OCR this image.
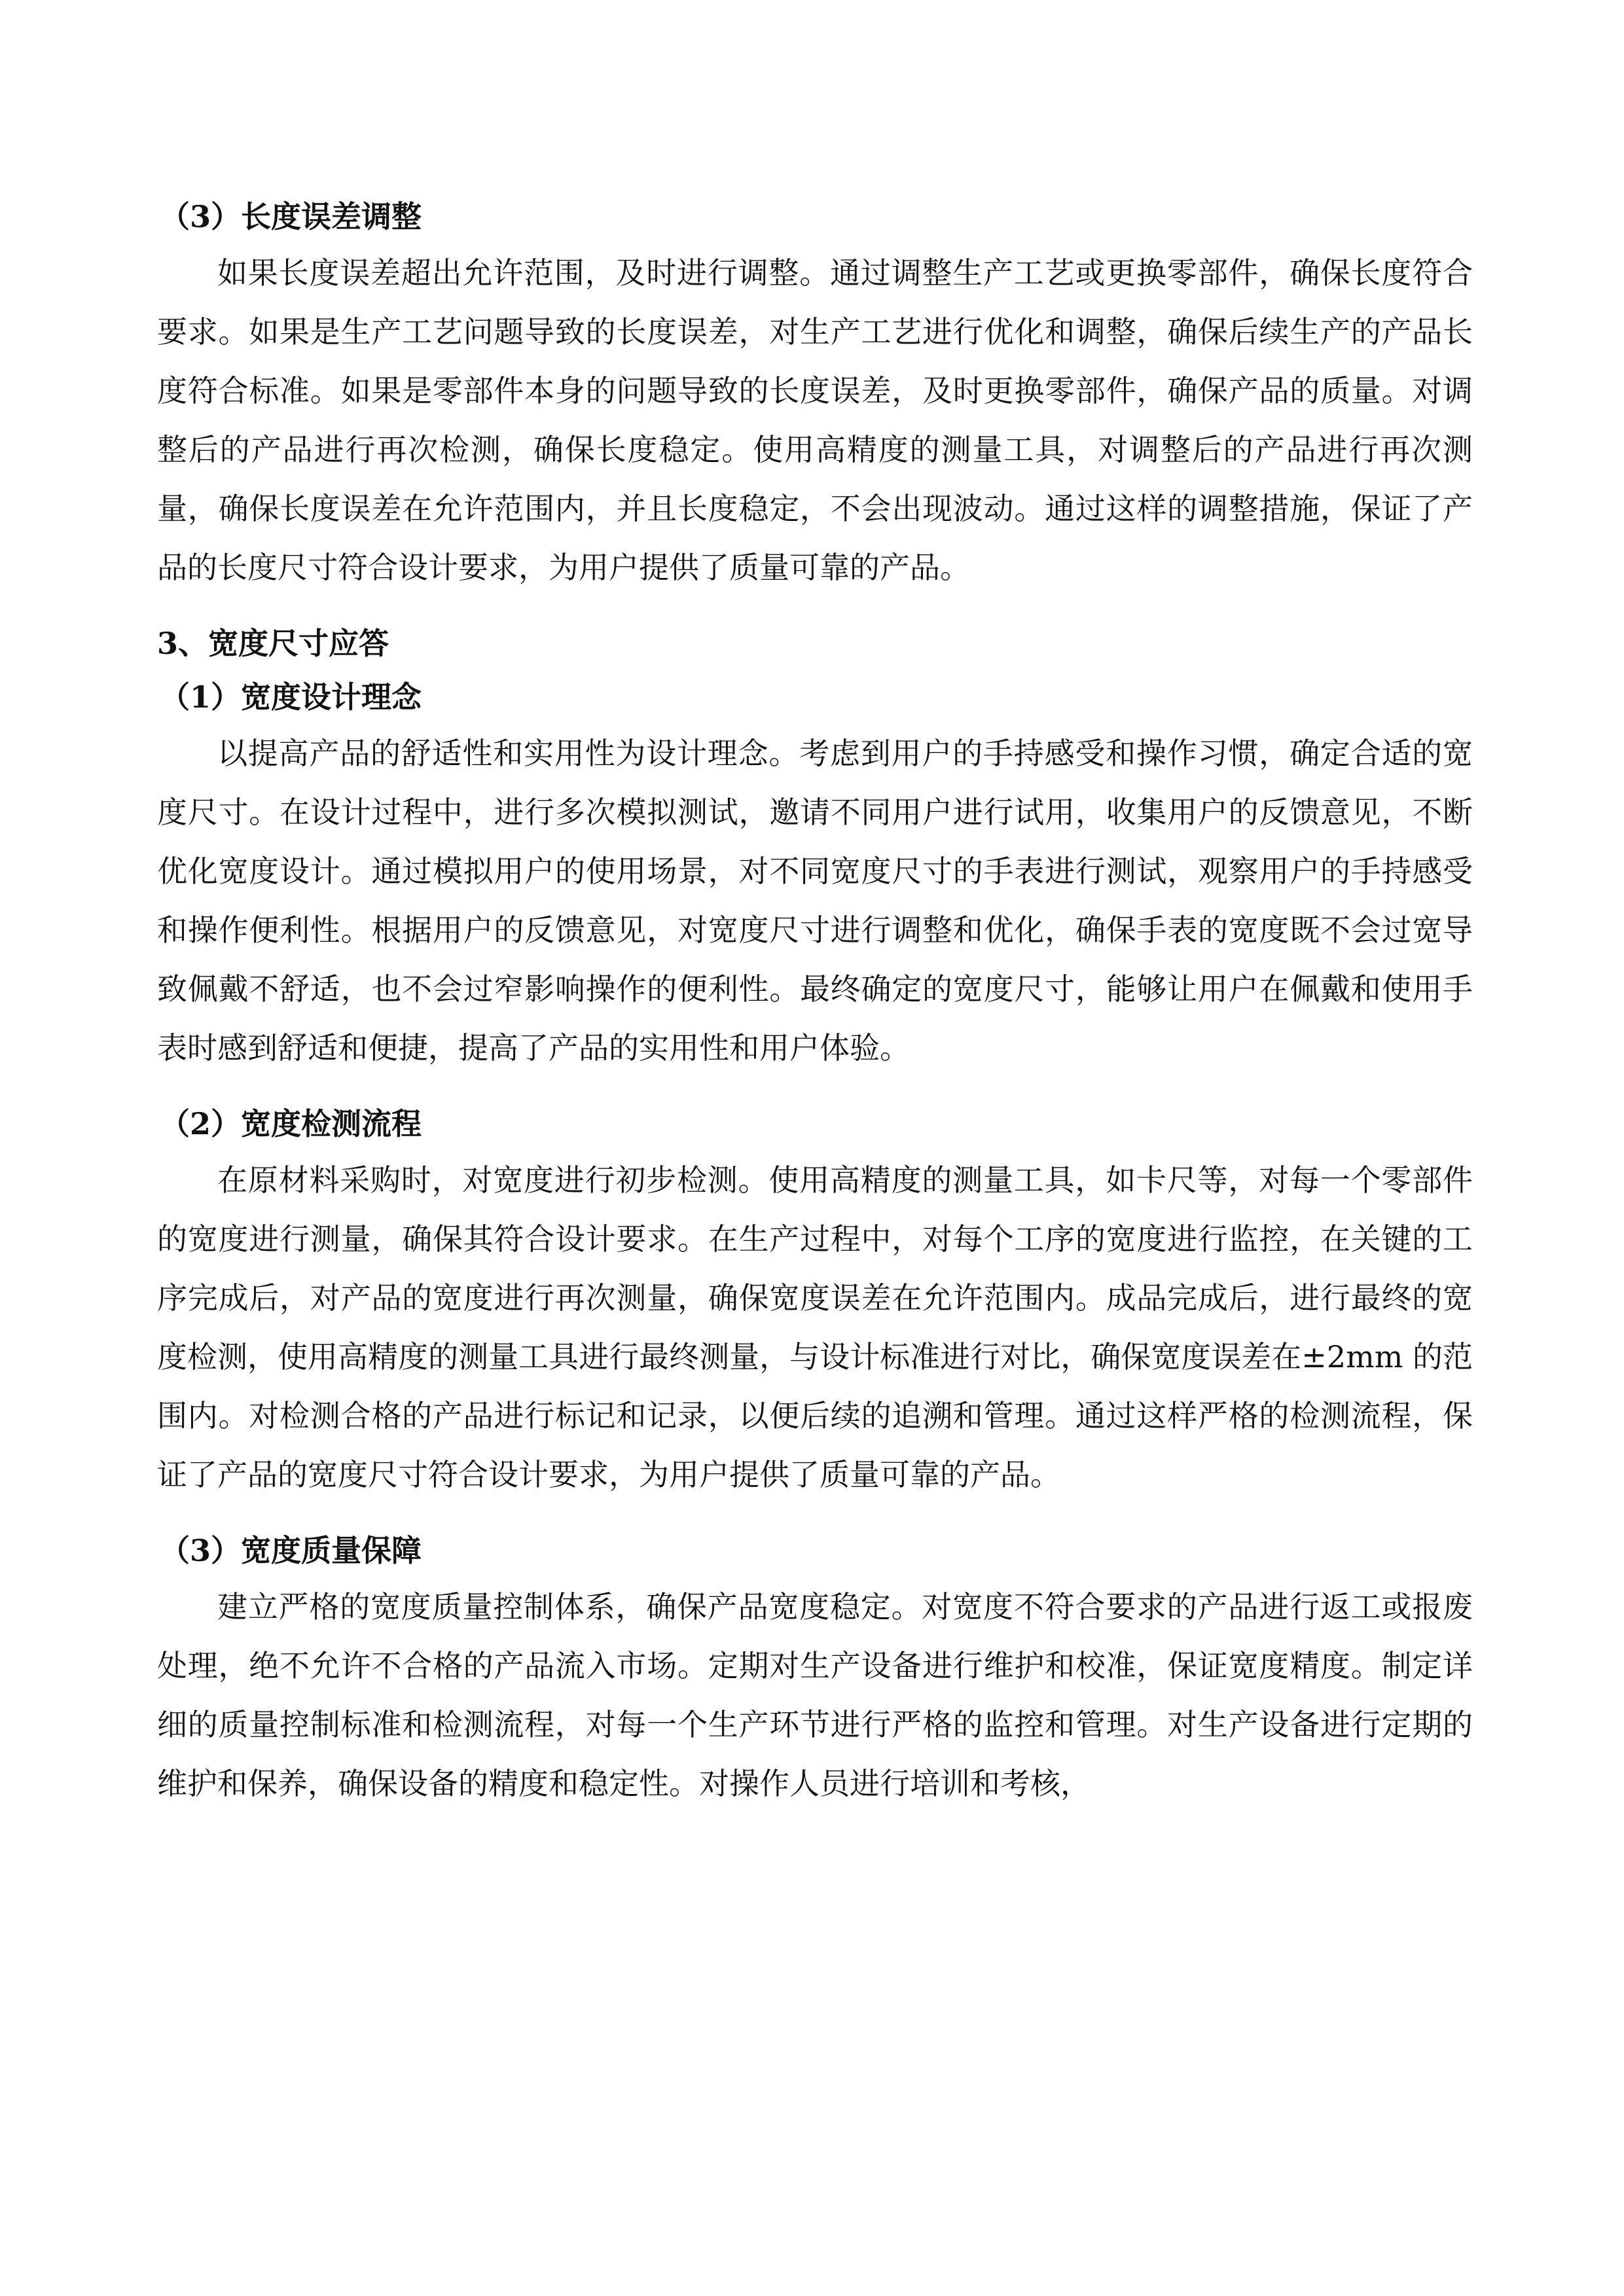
（3）长度误差调整

如果长度误差超出允许范围，及时进行调整。通过调整生产工艺或更换零部件，确保长度符合要求。如果是生产工艺问题导致的长度误差，对生产工艺进行优化和调整，确保后续生产的产品长度符合标准。如果是零部件本身的问题导致的长度误差，及时更换零部件，确保产品的质量。对调整后的产品进行再次检测，确保长度稳定。使用高精度的测量工具，对调整后的产品进行再次测量，确保长度误差在允许范围内，并且长度稳定，不会出现波动。通过这样的调整措施，保证了产品的长度尺寸符合设计要求，为用户提供了质量可靠的产品。

3、宽度尺寸应答
（1）宽度设计理念

以提高产品的舒适性和实用性为设计理念。考虑到用户的手持感受和操作习惯，确定合适的宽度尺寸。在设计过程中，进行多次模拟测试，邀请不同用户进行试用，收集用户的反馈意见，不断优化宽度设计。通过模拟用户的使用场景，对不同宽度尺寸的手表进行测试，观察用户的手持感受和操作便利性。根据用户的反馈意见，对宽度尺寸进行调整和优化，确保手表的宽度既不会过宽导致佩戴不舒适，也不会过窄影响操作的便利性。最终确定的宽度尺寸，能够让用户在佩戴和使用手表时感到舒适和便捷，提高了产品的实用性和用户体验。

（2）宽度检测流程

在原材料采购时，对宽度进行初步检测。使用高精度的测量工具，如卡尺等，对每一个零部件的宽度进行测量，确保其符合设计要求。在生产过程中，对每个工序的宽度进行监控，在关键的工序完成后，对产品的宽度进行再次测量，确保宽度误差在允许范围内。成品完成后，进行最终的宽度检测，使用高精度的测量工具进行最终测量，与设计标准进行对比，确保宽度误差在±2mm 的范围内。对检测合格的产品进行标记和记录，以便后续的追溯和管理。通过这样严格的检测流程，保证了产品的宽度尺寸符合设计要求，为用户提供了质量可靠的产品。

（3）宽度质量保障

建立严格的宽度质量控制体系，确保产品宽度稳定。对宽度不符合要求的产品进行返工或报废处理，绝不允许不合格的产品流入市场。定期对生产设备进行维护和校准，保证宽度精度。制定详细的质量控制标准和检测流程，对每一个生产环节进行严格的监控和管理。对生产设备进行定期的维护和保养，确保设备的精度和稳定性。对操作人员进行培训和考核，
